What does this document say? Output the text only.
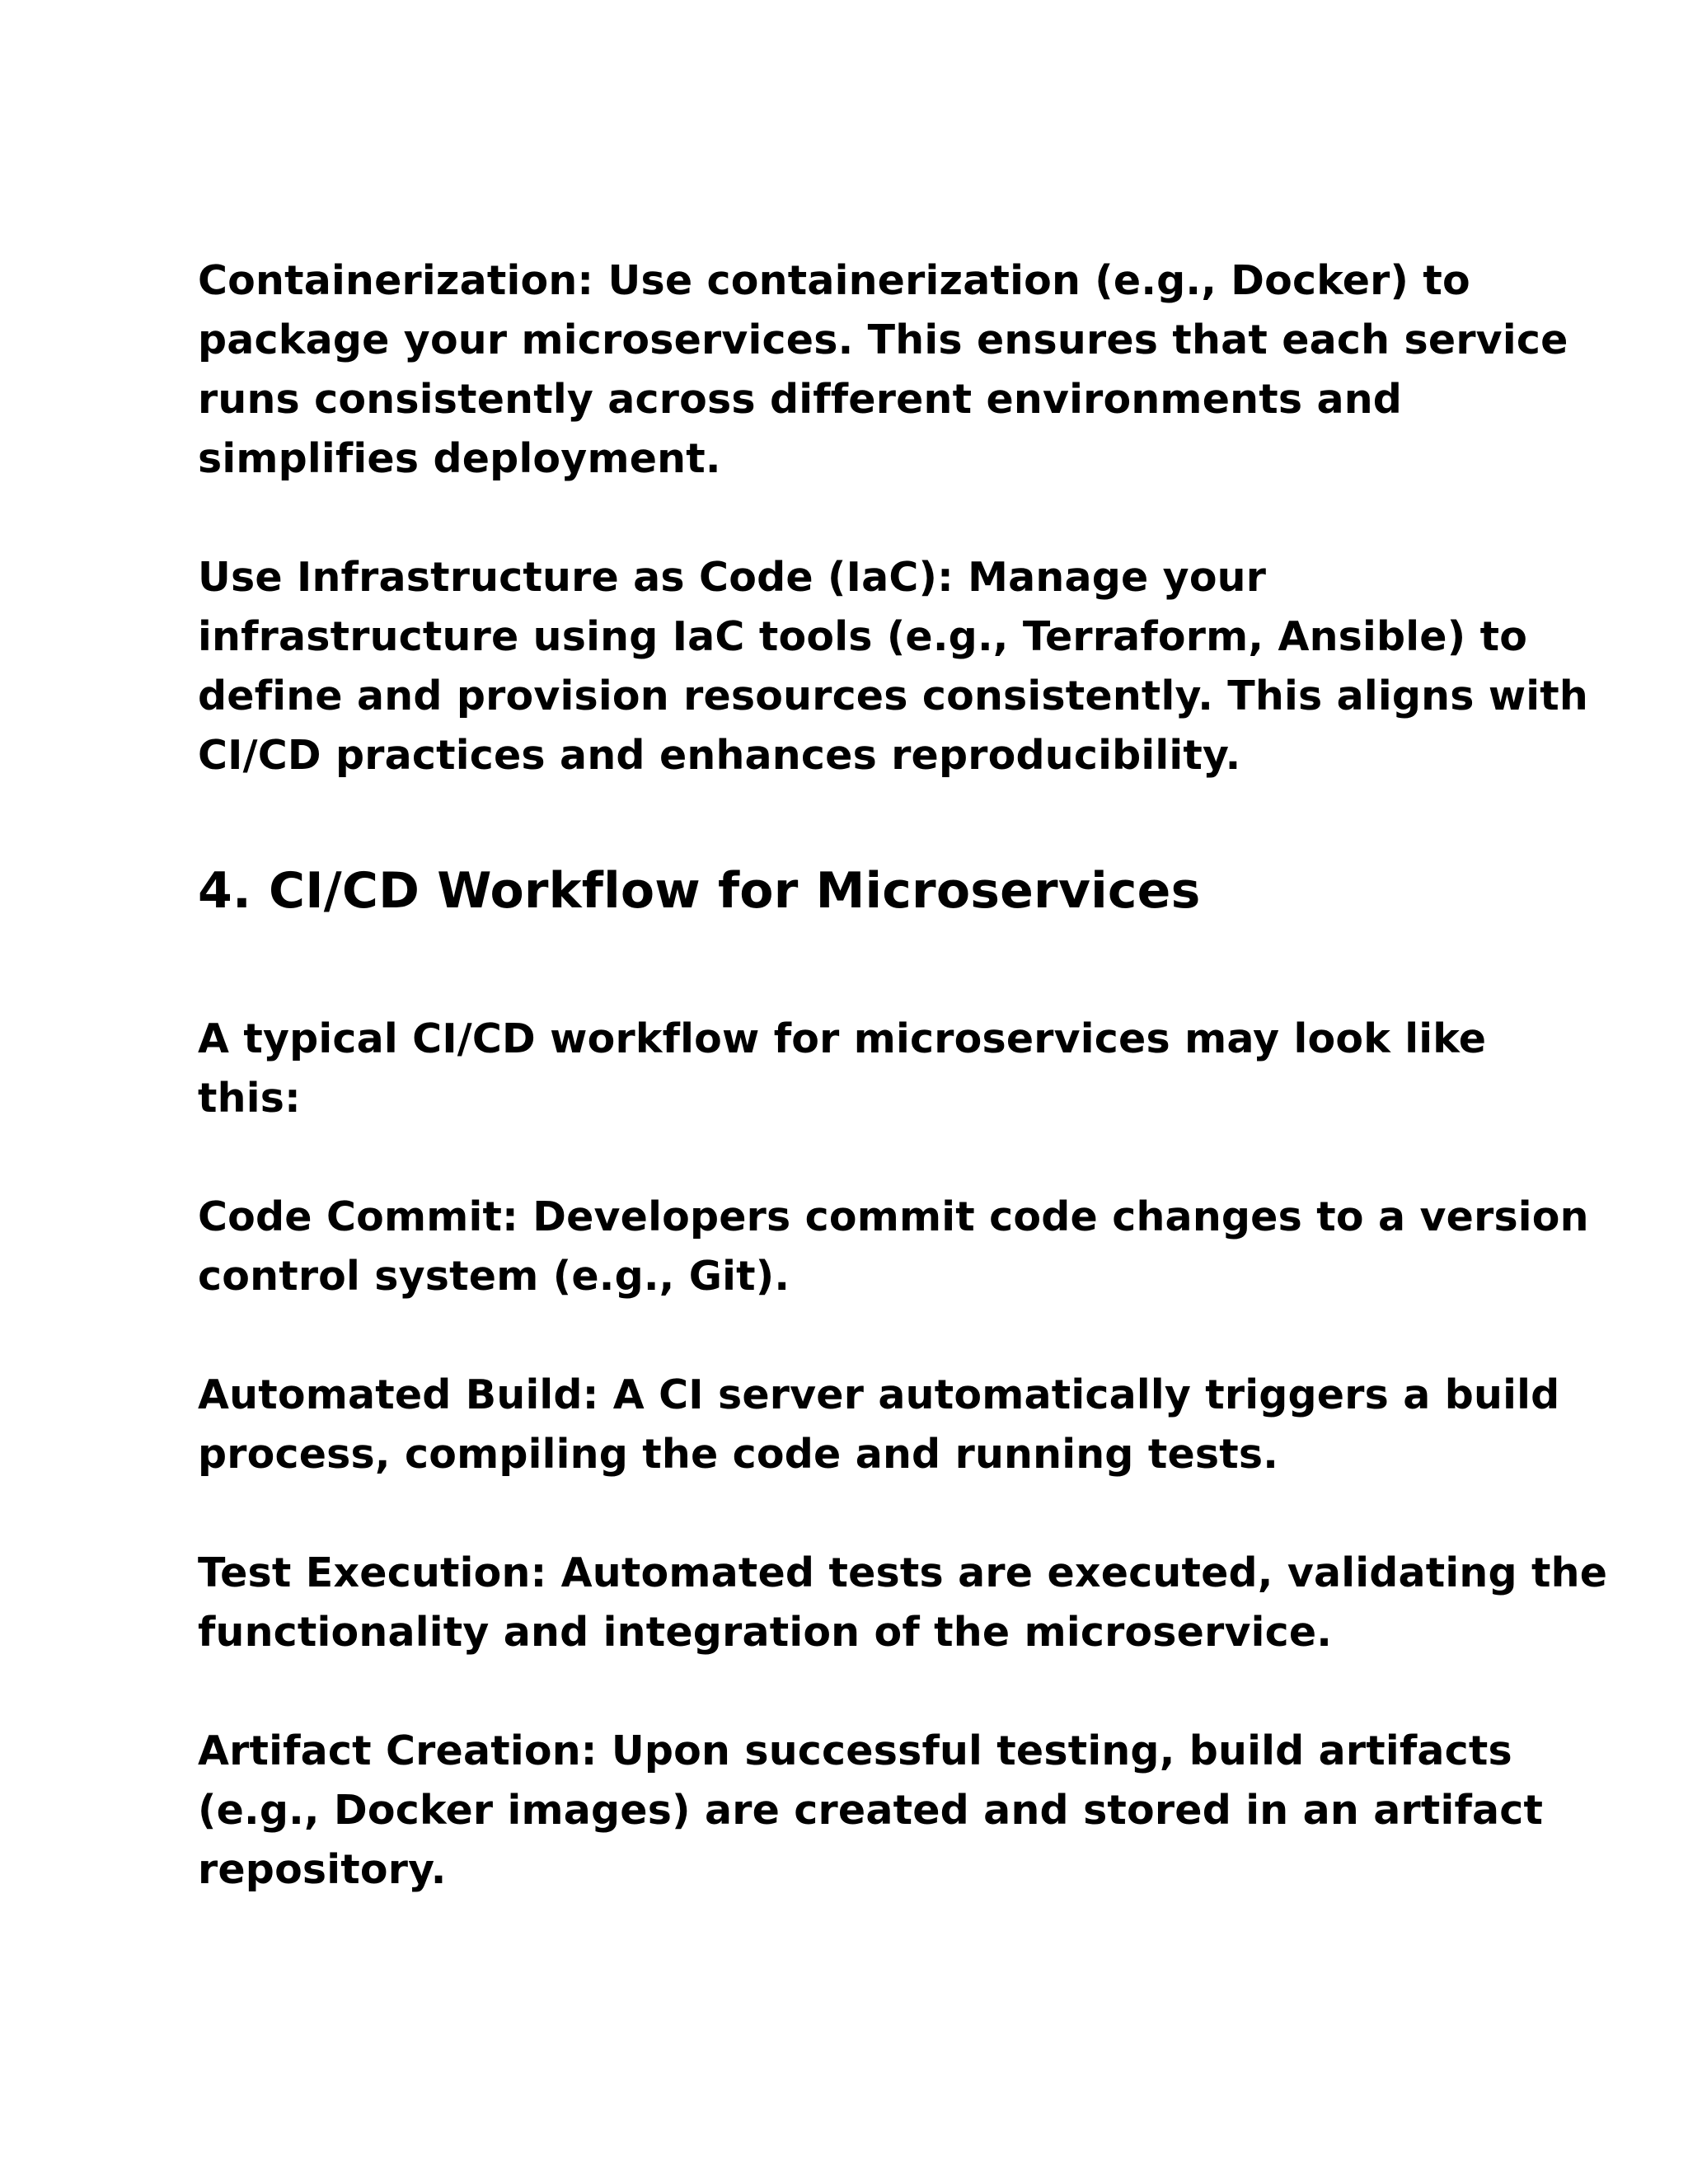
Containerization: Use containerization (e.g., Docker) to
package your microservices. This ensures that each service
runs consistently across different environments and
simplifies deployment.

Use Infrastructure as Code (IaC): Manage your
infrastructure using IaC tools (e.g., Terraform, Ansible) to
define and provision resources consistently. This aligns with
CI/CD practices and enhances reproducibility.

4. CI/CD Workflow for Microservices

A typical CI/CD workflow for microservices may look like
this:

Code Commit: Developers commit code changes to a version
control system (e.g., Git).

Automated Build: A CI server automatically triggers a build
process, compiling the code and running tests.

Test Execution: Automated tests are executed, validating the
functionality and integration of the microservice.

Artifact Creation: Upon successful testing, build artifacts
(e.g., Docker images) are created and stored in an artifact
repository.
